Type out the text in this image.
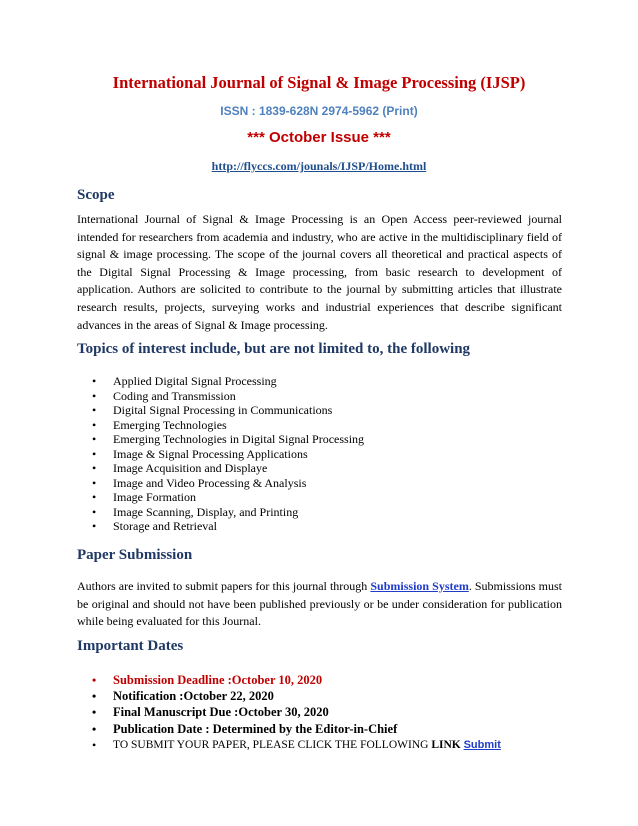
International Journal of Signal & Image Processing (IJSP)
ISSN : 1839-628N 2974-5962 (Print)
*** October Issue ***
http://flyccs.com/jounals/IJSP/Home.html
Scope

International Journal of Signal & Image Processing is an Open Access peer-reviewed journal intended for researchers from academia and industry, who are active in the multidisciplinary field of signal & image processing. The scope of the journal covers all theoretical and practical aspects of the Digital Signal Processing & Image processing, from basic research to development of application. Authors are solicited to contribute to the journal by submitting articles that illustrate research results, projects, surveying works and industrial experiences that describe significant advances in the areas of Signal & Image processing.

Topics of interest include, but are not limited to, the following
• Applied Digital Signal Processing
• Coding and Transmission
• Digital Signal Processing in Communications
• Emerging Technologies
• Emerging Technologies in Digital Signal Processing
• Image & Signal Processing Applications
• Image Acquisition and Displaye
• Image and Video Processing & Analysis
• Image Formation
• Image Scanning, Display, and Printing
• Storage and Retrieval
Paper Submission

Authors are invited to submit papers for this journal through Submission System. Submissions must be original and should not have been published previously or be under consideration for publication while being evaluated for this Journal.

Important Dates
• Submission Deadline :October 10, 2020
• Notification :October 22, 2020
• Final Manuscript Due :October 30, 2020
• Publication Date : Determined by the Editor-in-Chief
• TO SUBMIT YOUR PAPER, PLEASE CLICK THE FOLLOWING LINK Submit
